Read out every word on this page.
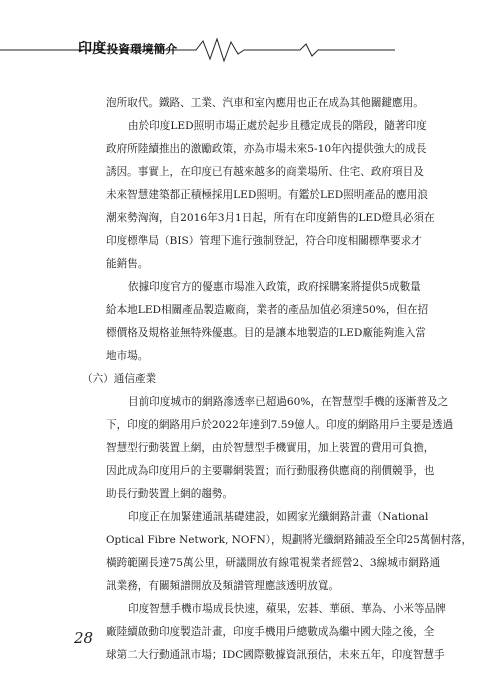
印度投資環境簡介
泡所取代。鐵路、工業、汽車和室內應用也正在成為其他關鍵應用。
由於印度LED照明市場正處於起步且穩定成長的階段，隨著印度
政府所陸續推出的激勵政策，亦為市場未來5-10年內提供強大的成長
誘因。事實上，在印度已有越來越多的商業場所、住宅、政府項目及
未來智慧建築都正積極採用LED照明。有鑑於LED照明產品的應用浪
潮來勢洶洶，自2016年3月1日起，所有在印度銷售的LED燈具必須在
印度標準局（BIS）管理下進行強制登記，符合印度相關標準要求才
能銷售。
依據印度官方的優惠市場准入政策，政府採購案將提供5成數量
給本地LED相關產品製造廠商，業者的產品加值必須達50%，但在招
標價格及規格並無特殊優惠。目的是讓本地製造的LED廠能夠進入當
地市場。
（六）通信產業
目前印度城市的網路滲透率已超過60%，在智慧型手機的逐漸普及之
下，印度的網路用戶於2022年達到7.59億人。印度的網路用戶主要是透過
智慧型行動裝置上網，由於智慧型手機實用，加上裝置的費用可負擔，
因此成為印度用戶的主要聯網裝置；而行動服務供應商的削價競爭，也
助長行動裝置上網的趨勢。
印度正在加緊建通訊基礎建設，如國家光纖網路計畫（National
Optical Fibre Network, NOFN），規劃將光纖網路鋪設至全印25萬個村落，
橫跨範圍長達75萬公里，研議開放有線電視業者經營2、3線城市網路通
訊業務，有關頻譜開放及頻譜管理應該透明放寬。
印度智慧手機市場成長快速，蘋果，宏碁、華碩、華為、小米等品牌
廠陸續啟動印度製造計畫，印度手機用戶總數成為繼中國大陸之後，全
球第二大行動通訊市場；IDC國際數據資訊預估，未來五年，印度智慧手
28
